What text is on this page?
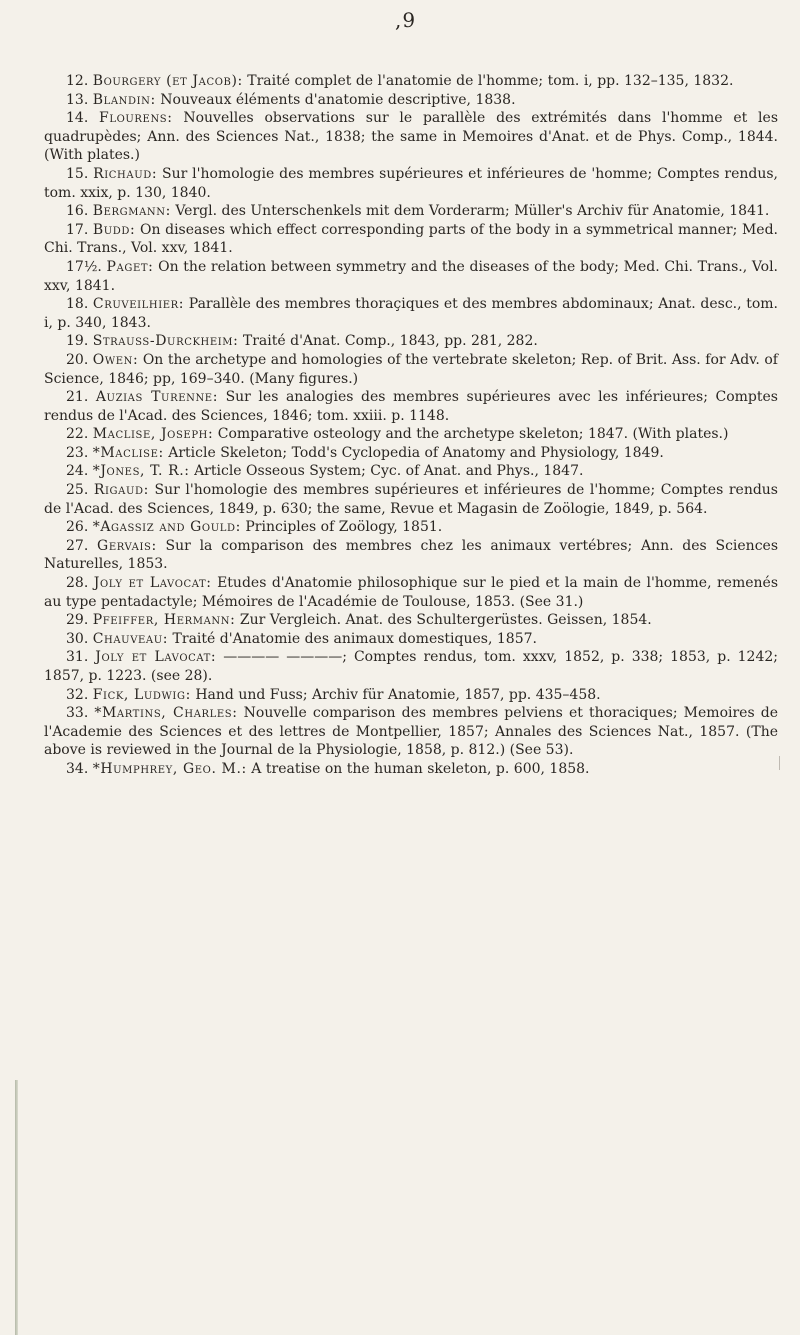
,9

12. Bourgery (et Jacob): Traité complet de l'anatomie de l'homme; tom. i, pp. 132–135, 1832.

13. Blandin: Nouveaux éléments d'anatomie descriptive, 1838.

14. Flourens: Nouvelles observations sur le parallèle des extrémités dans l'homme et les quadrupèdes; Ann. des Sciences Nat., 1838; the same in Memoires d'Anat. et de Phys. Comp., 1844. (With plates.)

15. Richaud: Sur l'homologie des membres supérieures et inférieures de 'homme; Comptes rendus, tom. xxix, p. 130, 1840.

16. Bergmann: Vergl. des Unterschenkels mit dem Vorderarm; Müller's Archiv für Anatomie, 1841.

17. Budd: On diseases which effect corresponding parts of the body in a symmetrical manner; Med. Chi. Trans., Vol. xxv, 1841.

17½. Paget: On the relation between symmetry and the diseases of the body; Med. Chi. Trans., Vol. xxv, 1841.

18. Cruveilhier: Parallèle des membres thoraçiques et des membres abdominaux; Anat. desc., tom. i, p. 340, 1843.

19. Strauss-Durckheim: Traité d'Anat. Comp., 1843, pp. 281, 282.

20. Owen: On the archetype and homologies of the vertebrate skeleton; Rep. of Brit. Ass. for Adv. of Science, 1846; pp, 169–340. (Many figures.)

21. Auzias Turenne: Sur les analogies des membres supérieures avec les inférieures; Comptes rendus de l'Acad. des Sciences, 1846; tom. xxiii. p. 1148.

22. Maclise, Joseph: Comparative osteology and the archetype skeleton; 1847. (With plates.)

23. *Maclise: Article Skeleton; Todd's Cyclopedia of Anatomy and Physiology, 1849.

24. *Jones, T. R.: Article Osseous System; Cyc. of Anat. and Phys., 1847.

25. Rigaud: Sur l'homologie des membres supérieures et inférieures de l'homme; Comptes rendus de l'Acad. des Sciences, 1849, p. 630; the same, Revue et Magasin de Zoölogie, 1849, p. 564.

26. *Agassiz and Gould: Principles of Zoölogy, 1851.

27. Gervais: Sur la comparison des membres chez les animaux vertébres; Ann. des Sciences Naturelles, 1853.

28. Joly et Lavocat: Etudes d'Anatomie philosophique sur le pied et la main de l'homme, remenés au type pentadactyle; Mémoires de l'Académie de Toulouse, 1853. (See 31.)

29. Pfeiffer, Hermann: Zur Vergleich. Anat. des Schultergerüstes. Geissen, 1854.

30. Chauveau: Traité d'Anatomie des animaux domestiques, 1857.

31. Joly et Lavocat: ———— ————; Comptes rendus, tom. xxxv, 1852, p. 338; 1853, p. 1242; 1857, p. 1223. (see 28).

32. Fick, Ludwig: Hand und Fuss; Archiv für Anatomie, 1857, pp. 435–458.

33. *Martins, Charles: Nouvelle comparison des membres pelviens et thoraciques; Memoires de l'Academie des Sciences et des lettres de Montpellier, 1857; Annales des Sciences Nat., 1857. (The above is reviewed in the Journal de la Physiologie, 1858, p. 812.) (See 53).

34. *Humphrey, Geo. M.: A treatise on the human skeleton, p. 600, 1858.
